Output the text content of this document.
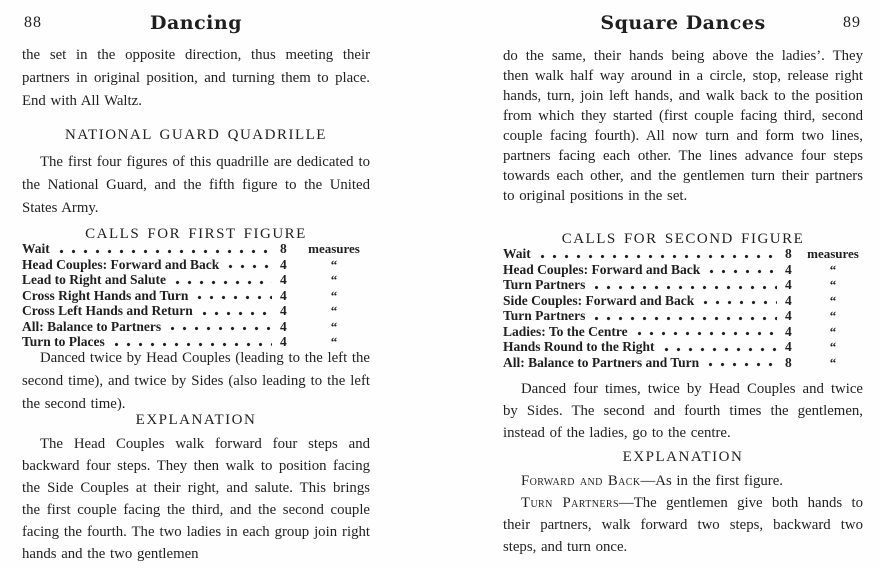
88	Dancing

the set in the opposite direction, thus meeting their partners in original position, and turning them to place. End with All Waltz.

NATIONAL GUARD QUADRILLE

The first four figures of this quadrille are dedicated to the National Guard, and the fifth figure to the United States Army.

CALLS FOR FIRST FIGURE
Wait	8	measures
Head Couples: Forward and Back	4	“
Lead to Right and Salute	4	“
Cross Right Hands and Turn	4	“
Cross Left Hands and Return	4	“
All: Balance to Partners	4	“
Turn to Places	4	“

Danced twice by Head Couples (leading to the left the second time), and twice by Sides (also leading to the left the second time).

EXPLANATION

The Head Couples walk forward four steps and backward four steps. They then walk to position facing the Side Couples at their right, and salute. This brings the first couple facing the third, and the second couple facing the fourth. The two ladies in each group join right hands and the two gentlemen

Square Dances	89

do the same, their hands being above the ladies’. They then walk half way around in a circle, stop, release right hands, turn, join left hands, and walk back to the position from which they started (first couple facing third, second couple facing fourth). All now turn and form two lines, partners facing each other. The lines advance four steps towards each other, and the gentlemen turn their partners to original positions in the set.

CALLS FOR SECOND FIGURE
Wait	8	measures
Head Couples: Forward and Back	4	“
Turn Partners	4	“
Side Couples: Forward and Back	4	“
Turn Partners	4	“
Ladies: To the Centre	4	“
Hands Round to the Right	4	“
All: Balance to Partners and Turn	8	“

Danced four times, twice by Head Couples and twice by Sides. The second and fourth times the gentlemen, instead of the ladies, go to the centre.

EXPLANATION

Forward and Back—As in the first figure.

Turn Partners—The gentlemen give both hands to their partners, walk forward two steps, backward two steps, and turn once.
